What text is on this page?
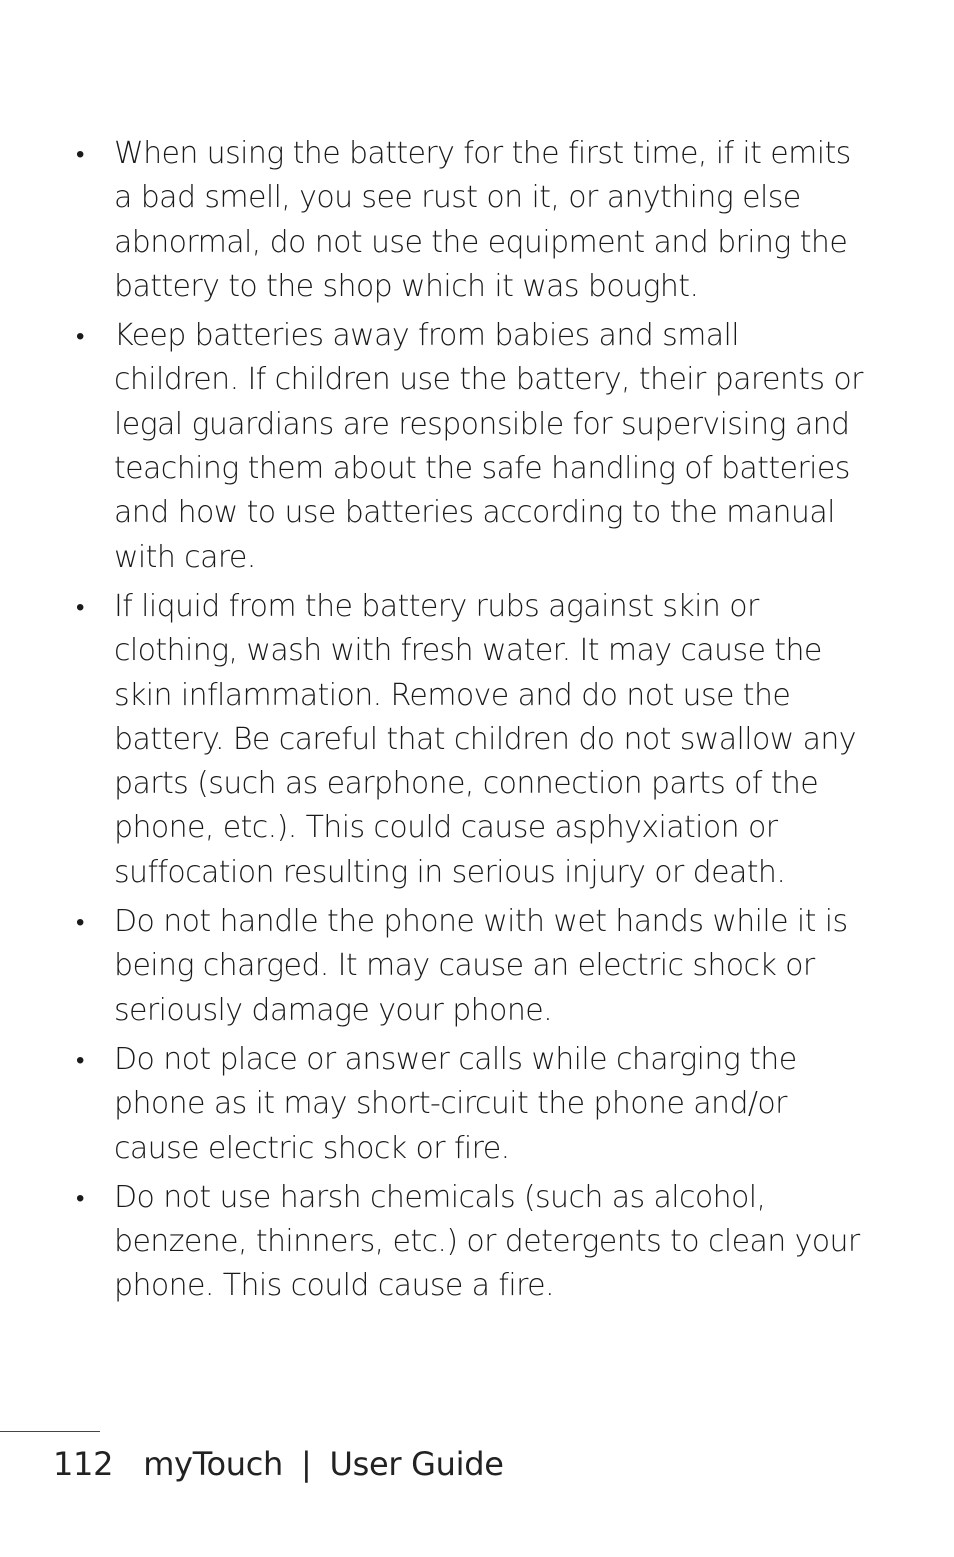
• When using the battery for the first time, if it emits a bad smell, you see rust on it, or anything else abnormal, do not use the equipment and bring the battery to the shop which it was bought.
• Keep batteries away from babies and small children. If children use the battery, their parents or legal guardians are responsible for supervising and teaching them about the safe handling of batteries and how to use batteries according to the manual with care.
• If liquid from the battery rubs against skin or clothing, wash with fresh water. It may cause the skin inflammation. Remove and do not use the battery. Be careful that children do not swallow any parts (such as earphone, connection parts of the phone, etc.). This could cause asphyxiation or suffocation resulting in serious injury or death.
• Do not handle the phone with wet hands while it is being charged. It may cause an electric shock or seriously damage your phone.
• Do not place or answer calls while charging the phone as it may short-circuit the phone and/or cause electric shock or fire.
• Do not use harsh chemicals (such as alcohol, benzene, thinners, etc.) or detergents to clean your phone. This could cause a fire.
112 myTouch | User Guide
